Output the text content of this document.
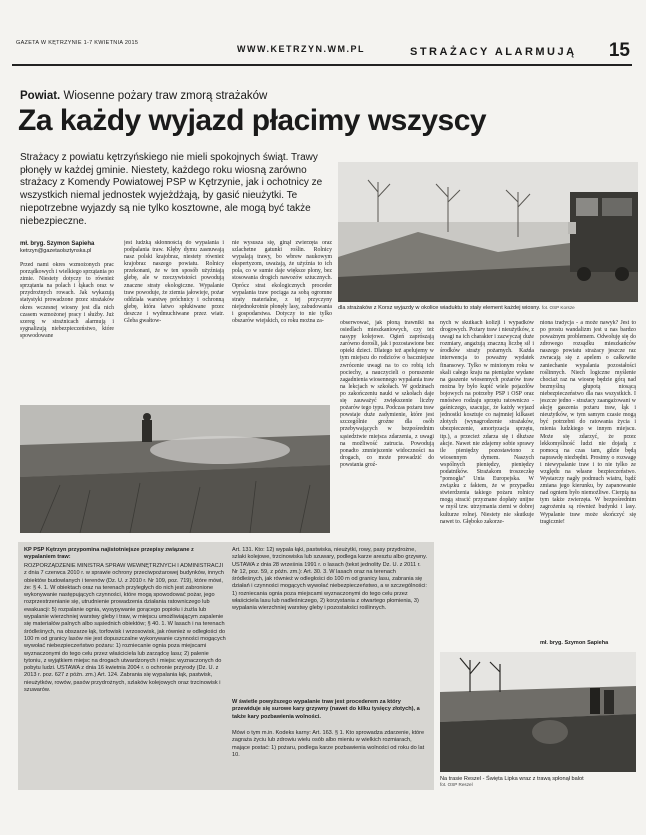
GAZETA W KĘTRZYNIE 1-7 KWIETNIA 2015
WWW.KETRZYN.WM.PL	STRAŻACY ALARMUJĄ 15
Powiat. Wiosenne pożary traw zmorą strażaków
Za każdy wyjazd płacimy wszyscy
Strażacy z powiatu kętrzyńskiego nie mieli spokojnych świąt. Trawy płonęły w każdej gminie. Niestety, każdego roku wiosną zarówno strażacy z Komendy Powiatowej PSP w Kętrzynie, jak i ochotnicy ze wszystkich niemal jednostek wyjeżdżają, by gasić nieużytki. Te niepotrzebne wyjazdy są nie tylko kosztowne, ale mogą być także niebezpieczne.
mł. bryg. Szymon Sapieha
ketrzyn@gazetaolsztynska.pl
Przed nami okres wzmożonych prac porządkowych i wielkiego sprzątania po zimie. Niestety dotyczy to również sprzątania na polach i łąkach oraz w przydrożnych rowach. Jak wykazują statystyki prowadzone przez strażaków okres wczesnej wiosny jest dla nich czasem wzmożonej pracy i służby. Już szereg w strażnicach alarmują i sygnalizują niebezpieczeństwo, które spowodowane
jest ludzką skłonnością do wypalania i podpalania traw. Kłęby dymu zasnuwają nasz polski krajobraz, niestety również krajobraz naszego powiatu. Rolnicy przekonani, że w ten sposób użyźniają glebę, ale w rzeczywistości powodują znaczne straty ekologiczne. Wypalanie traw powoduje, że ziemia jałowieje, pożar oddziała warstwę próchnicy i ochronną glebę, która łatwo spłukiwane przez deszcze i wydmuchiwane przez wiatr. Gleba gwałtow-
nie wysusza się, ginął zwierzęta oraz szlachetne gatunki roślin. Rolnicy wypalają trawy, bo wbrew naukowym ekspertyzom, uważają, że użyźnia to ich pola, co w sumie daje większe plony, bez stosowania drogich nawozów sztucznych. Oprócz strat ekologicznych proceder wypalania traw pociąga za sobą ogromne straty materialne, z tej przyczyny niejednokrotnie płonęły lasy, zabudowania i gospodarstwa. Dotyczy to nie tylko obszarów wiejskich, co roku można za-
dla strażaków z Korsz wyjazdy w okolice wiaduktu to stały element każdej wiosny. fot. OSP Korsze
obserwować, jak płoną trawniki na osiedlach mieszkaniowych, czy też nasypy kolejowe. Ogień zaprószają zarówno dorośli, jak i pozostawione bez opieki dzieci. Dlatego też apelujemy w tym miejscu do rodziców o baczniejsze zwrócenie uwagi na to co robią ich pociechy, a nauczycieli o poruszenie zagadnienia wiosennego wypalania traw na lekcjach w szkołach. W godzinach po zakończeniu nauki w szkołach daje się zauważyć zwiększenie liczby pożarów tego typu. Podczas pożaru traw powstaje duże zadymienie, które jest szczególnie groźne dla osób przebywających w bezpośrednim sąsiedztwie miejsca zdarzenia, z uwagi na możliwość zatrucia. Powodują ponadto zmniejszenie widoczności na drogach, co może prowadzić do powstania groź-
nych w skutkach kolizji i wypadków drogowych. Pożary traw i nieużytków, z uwagi na ich charakter i zazwyczaj duże rozmiary, angażują znaczną liczbę sił i środków straży pożarnych. Każda interwencja to poważny wydatek finansowy. Tylko w minionym roku w skali całego kraju na pieniądze wydane na gaszenie wiosennych pożarów traw można by było kupić wiele pojazdów bojowych na potrzeby PSP i OSP oraz mnóstwo rodzaju sprzętu ratowniczo - gaśniczego, szacując, że każdy wyjazd jednostki kosztuje co najmniej kilkaset złotych (wynagrodzenie strażaków, ubezpieczenie, amortyzacja sprzętu, itp.), a przecież zdarza się i dłuższe akcje. Nawet nie zdajemy sobie sprawy ile pieniędzy pozostawiono z wiosennym dymem. Naszych wspólnych pieniędzy, pieniędzy podatników. Strażakom troszeczkę "pomogła" Unia Europejska. W związku z faktem, że w przypadku stwierdzenia takiego pożaru rolnicy mogą stracić przyznane dopłaty unijne w myśl tzw. utrzymania ziemi w dobrej kulturze rolnej. Niestety nie skutkuje nawet to. Głęboko zakorze-
niona tradycja - a może nawyk? Jest to po prostu wandalizm jest u nas bardzo poważnym problemem. Odwołuję się do zdrowego rozsądku mieszkańców naszego powiatu strażacy jeszcze raz zwracają się z apelem o całkowite zaniechanie wypalania pozostałości roślinnych. Niech logiczne myślenie chociaż raz na wiosnę będzie górą nad bezmyślną głupotą niosącą niebezpieczeństwo dla nas wszystkich. I jeszcze jedno - strażacy zaangażowani w akcję gaszenia pożaru traw, łąk i nieużytków, w tym samym czasie mogą być potrzebni do ratowania życia i mienia ludzkiego w innym miejscu. Może się zdarzyć, że przez lekkomyślność ludzi nie dojadą z pomocą na czas tam, gdzie będą naprawdę niezbędni. Prosimy o rozwagę i niewypalanie traw i to nie tylko ze względu na własne bezpieczeństwo. Wystarczy nagły podmuch wiatru, bądź zmiana jego kierunku, by zapanowanie nad ogniem było niemożliwe. Cierpią na tym także zwierzęta. W bezpośrednim zagrożeniu są również budynki i lasy. Wypalanie traw może skończyć się tragicznie!
mł. bryg. Szymon Sapieha
Na trasie Reszel - Święta Lipka wraz z trawą spłonął balot
fot. OSP Reszel
KP PSP Kętrzyn przypomina najistotniejsze przepisy związane z wypalaniem traw:
ROZPORZĄDZENIE MINISTRA SPRAW WEWNĘTRZNYCH I ADMINISTRACJI z dnia 7 czerwca 2010 r. w sprawie ochrony przeciwpożarowej budynków, innych obiektów budowlanych i terenów (Dz. U. z 2010 r. Nr 109, poz. 719), które mówi, że: § 4. 1. W obiektach oraz na terenach przyległych do nich jest zabronione wykonywanie następujących czynności, które mogą spowodować pożar, jego rozprzestrzenianie się, utrudnienie prowadzenia działania ratowniczego lub ewakuacji: 5) rozpalanie ognia, wysypywanie gorącego popiołu i żużla lub wypalanie wierzchniej warstwy gleby i traw, w miejscu umożliwiającym zapalenie się materiałów palnych albo sąsiednich obiektów; § 40. 1. W lasach i na terenach śródleśnych, na obszarze łąk, torfowisk i wrzosowisk, jak również w odległości do 100 m od granicy lasów nie jest dopuszczalne wykonywanie czynności mogących wywołać niebezpieczeństwo pożaru: 1) rozniecanie ognia poza miejscami wyznaczonymi do tego celu przez właściciela lub zarządcę lasu; 2) palenie tytoniu, z wyjątkiem miejsc na drogach utwardzonych i miejsc wyznaczonych do pobytu ludzi. USTAWA z dnia 16 kwietnia 2004 r. o ochronie przyrody (Dz. U. z 2013 r. poz. 627 z późn. zm.) Art. 124. Zabrania się wypalania łąk, pastwisk, nieużytków, rowów, pasów przydrożnych, szlaków kolejowych oraz trzcinowisk i szuwarów.
Art. 131. Kto: 12) wypala łąki, pastwiska, nieużytki, rowy, pasy przydrożne, szlaki kolejowe, trzcinowiska lub szuwary, podlega karze aresztu albo grzywny. USTAWA z dnia 28 września 1991 r. o lasach (tekst jednolity Dz. U. z 2011 r. Nr 12, poz. 59, z późn. zm.): Art. 30. 3. W lasach oraz na terenach śródleśnych, jak również w odległości do 100 m od granicy lasu, zabrania się działań i czynności mogących wywołać niebezpieczeństwo, a w szczególności: 1) rozniecania ognia poza miejscami wyznaczonymi do tego celu przez właściciela lasu lub nadleśniczego, 2) korzystania z otwartego płomienia, 3) wypalania wierzchniej warstwy gleby i pozostałości roślinnych.
W świetle powyższego wypalanie traw jest procederem za który przewiduje się surowe kary grzywny (nawet do kilku tysięcy złotych), a także kary pozbawienia wolności.
Mówi o tym m.in. Kodeks karny: Art. 163. § 1. Kto sprowadza zdarzenie, które zagraża życiu lub zdrowiu wielu osób albo mieniu w wielkich rozmiarach, mające postać: 1) pożaru, podlega karze pozbawienia wolności od roku do lat 10.
